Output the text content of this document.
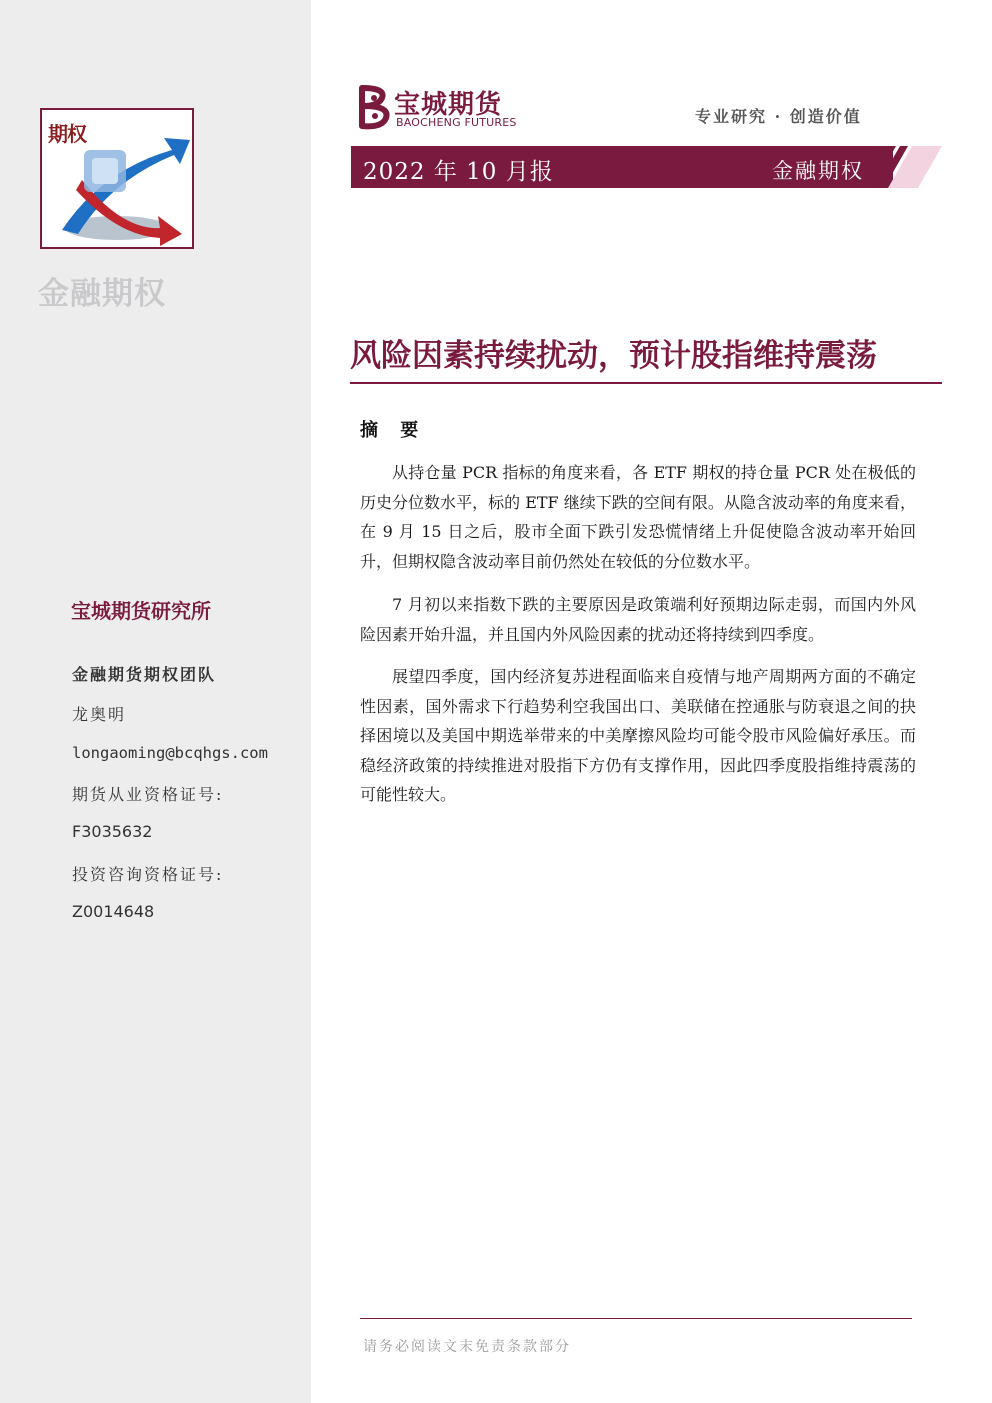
期权
金融期权
宝城期货研究所
金融期货期权团队
龙奥明
longaoming@bcqhgs.com
期货从业资格证号:
F3035632
投资咨询资格证号:
Z0014648
宝城期货
BAOCHENG FUTURES	专业研究 · 创造价值
2022 年 10 月报	金融期权
风险因素持续扰动，预计股指维持震荡
摘 要

从持仓量 PCR 指标的角度来看，各 ETF 期权的持仓量 PCR 处在极低的历史分位数水平，标的 ETF 继续下跌的空间有限。从隐含波动率的角度来看，在 9 月 15 日之后，股市全面下跌引发恐慌情绪上升促使隐含波动率开始回升，但期权隐含波动率目前仍然处在较低的分位数水平。

7 月初以来指数下跌的主要原因是政策端利好预期边际走弱，而国内外风险因素开始升温，并且国内外风险因素的扰动还将持续到四季度。

展望四季度，国内经济复苏进程面临来自疫情与地产周期两方面的不确定性因素，国外需求下行趋势利空我国出口、美联储在控通胀与防衰退之间的抉择困境以及美国中期选举带来的中美摩擦风险均可能令股市风险偏好承压。而稳经济政策的持续推进对股指下方仍有支撑作用，因此四季度股指维持震荡的可能性较大。

请务必阅读文末免责条款部分
